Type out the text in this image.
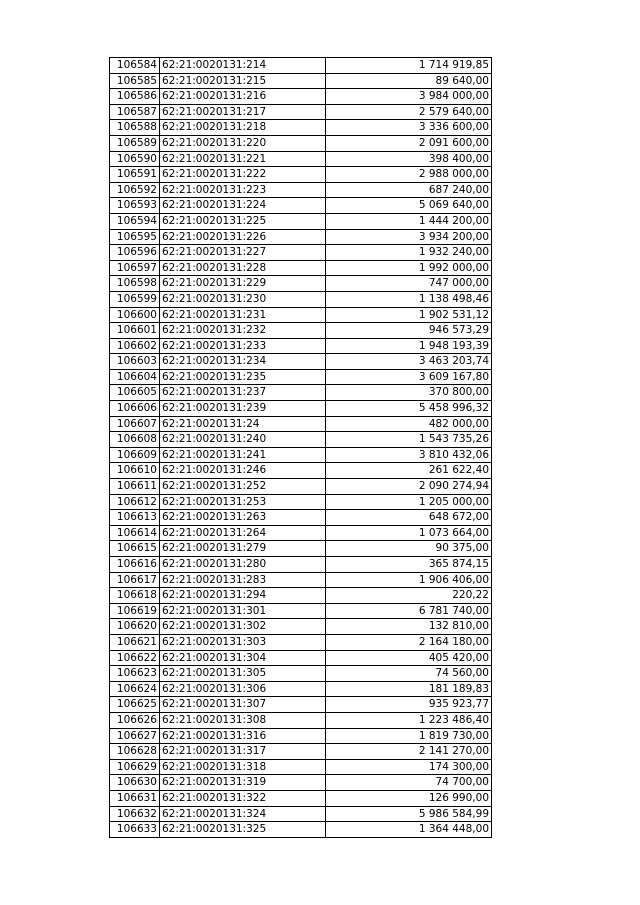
106584	62:21:0020131:214	1 714 919,85
106585	62:21:0020131:215	89 640,00
106586	62:21:0020131:216	3 984 000,00
106587	62:21:0020131:217	2 579 640,00
106588	62:21:0020131:218	3 336 600,00
106589	62:21:0020131:220	2 091 600,00
106590	62:21:0020131:221	398 400,00
106591	62:21:0020131:222	2 988 000,00
106592	62:21:0020131:223	687 240,00
106593	62:21:0020131:224	5 069 640,00
106594	62:21:0020131:225	1 444 200,00
106595	62:21:0020131:226	3 934 200,00
106596	62:21:0020131:227	1 932 240,00
106597	62:21:0020131:228	1 992 000,00
106598	62:21:0020131:229	747 000,00
106599	62:21:0020131:230	1 138 498,46
106600	62:21:0020131:231	1 902 531,12
106601	62:21:0020131:232	946 573,29
106602	62:21:0020131:233	1 948 193,39
106603	62:21:0020131:234	3 463 203,74
106604	62:21:0020131:235	3 609 167,80
106605	62:21:0020131:237	370 800,00
106606	62:21:0020131:239	5 458 996,32
106607	62:21:0020131:24	482 000,00
106608	62:21:0020131:240	1 543 735,26
106609	62:21:0020131:241	3 810 432,06
106610	62:21:0020131:246	261 622,40
106611	62:21:0020131:252	2 090 274,94
106612	62:21:0020131:253	1 205 000,00
106613	62:21:0020131:263	648 672,00
106614	62:21:0020131:264	1 073 664,00
106615	62:21:0020131:279	90 375,00
106616	62:21:0020131:280	365 874,15
106617	62:21:0020131:283	1 906 406,00
106618	62:21:0020131:294	220,22
106619	62:21:0020131:301	6 781 740,00
106620	62:21:0020131:302	132 810,00
106621	62:21:0020131:303	2 164 180,00
106622	62:21:0020131:304	405 420,00
106623	62:21:0020131:305	74 560,00
106624	62:21:0020131:306	181 189,83
106625	62:21:0020131:307	935 923,77
106626	62:21:0020131:308	1 223 486,40
106627	62:21:0020131:316	1 819 730,00
106628	62:21:0020131:317	2 141 270,00
106629	62:21:0020131:318	174 300,00
106630	62:21:0020131:319	74 700,00
106631	62:21:0020131:322	126 990,00
106632	62:21:0020131:324	5 986 584,99
106633	62:21:0020131:325	1 364 448,00
